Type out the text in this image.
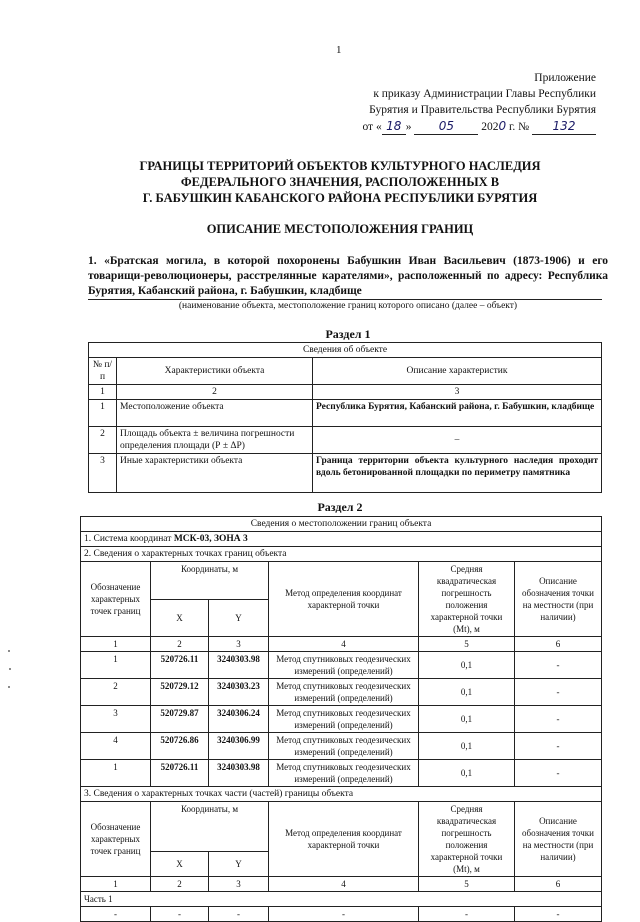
1
Приложение
к приказу Администрации Главы Республики
Бурятия и Правительства Республики Бурятия
от « 18 » 05 2020 г. № 132
ГРАНИЦЫ ТЕРРИТОРИЙ ОБЪЕКТОВ КУЛЬТУРНОГО НАСЛЕДИЯ
ФЕДЕРАЛЬНОГО ЗНАЧЕНИЯ, РАСПОЛОЖЕННЫХ В
Г. БАБУШКИН КАБАНСКОГО РАЙОНА РЕСПУБЛИКИ БУРЯТИЯ
ОПИСАНИЕ МЕСТОПОЛОЖЕНИЯ ГРАНИЦ
1. «Братская могила, в которой похоронены Бабушкин Иван Васильевич (1873-1906) и его товарищи-революционеры, расстрелянные карателями», расположенный по адресу: Республика Бурятия, Кабанский района, г. Бабушкин, кладбище
(наименование объекта, местоположение границ которого описано (далее – объект)
Раздел 1
Сведения об объекте		
№ п/п	Характеристики объекта	Описание характеристик
1	2	3
1	Местоположение объекта	Республика Бурятия, Кабанский района, г. Бабушкин, кладбище
2	Площадь объекта ± величина погрешности определения площади (Р ± ΔР)	–
3	Иные характеристики объекта	Граница территории объекта культурного наследия проходит вдоль бетонированной площадки по периметру памятника
Раздел 2
Сведения о местоположении границ объекта					
1. Система координат МСК-03, ЗОНА 3					
2. Сведения о характерных точках границ объекта					
Обозначение характерных точек границ	Координаты, м		Метод определения координат характерной точки	Средняя квадратическая погрешность положения характерной точки (Mt), м	Описание обозначения точки на местности (при наличии)
	X	Y			
1	2	3	4	5	6
1	520726.11	3240303.98	Метод спутниковых геодезических измерений (определений)	0,1	-
2	520729.12	3240303.23	Метод спутниковых геодезических измерений (определений)	0,1	-
3	520729.87	3240306.24	Метод спутниковых геодезических измерений (определений)	0,1	-
4	520726.86	3240306.99	Метод спутниковых геодезических измерений (определений)	0,1	-
1	520726.11	3240303.98	Метод спутниковых геодезических измерений (определений)	0,1	-
3. Сведения о характерных точках части (частей) границы объекта					
Обозначение характерных точек границ	Координаты, м		Метод определения координат характерной точки	Средняя квадратическая погрешность положения характерной точки (Mt), м	Описание обозначения точки на местности (при наличии)
	X	Y			
1	2	3	4	5	6
Часть 1					
-	-	-	-	-	-
